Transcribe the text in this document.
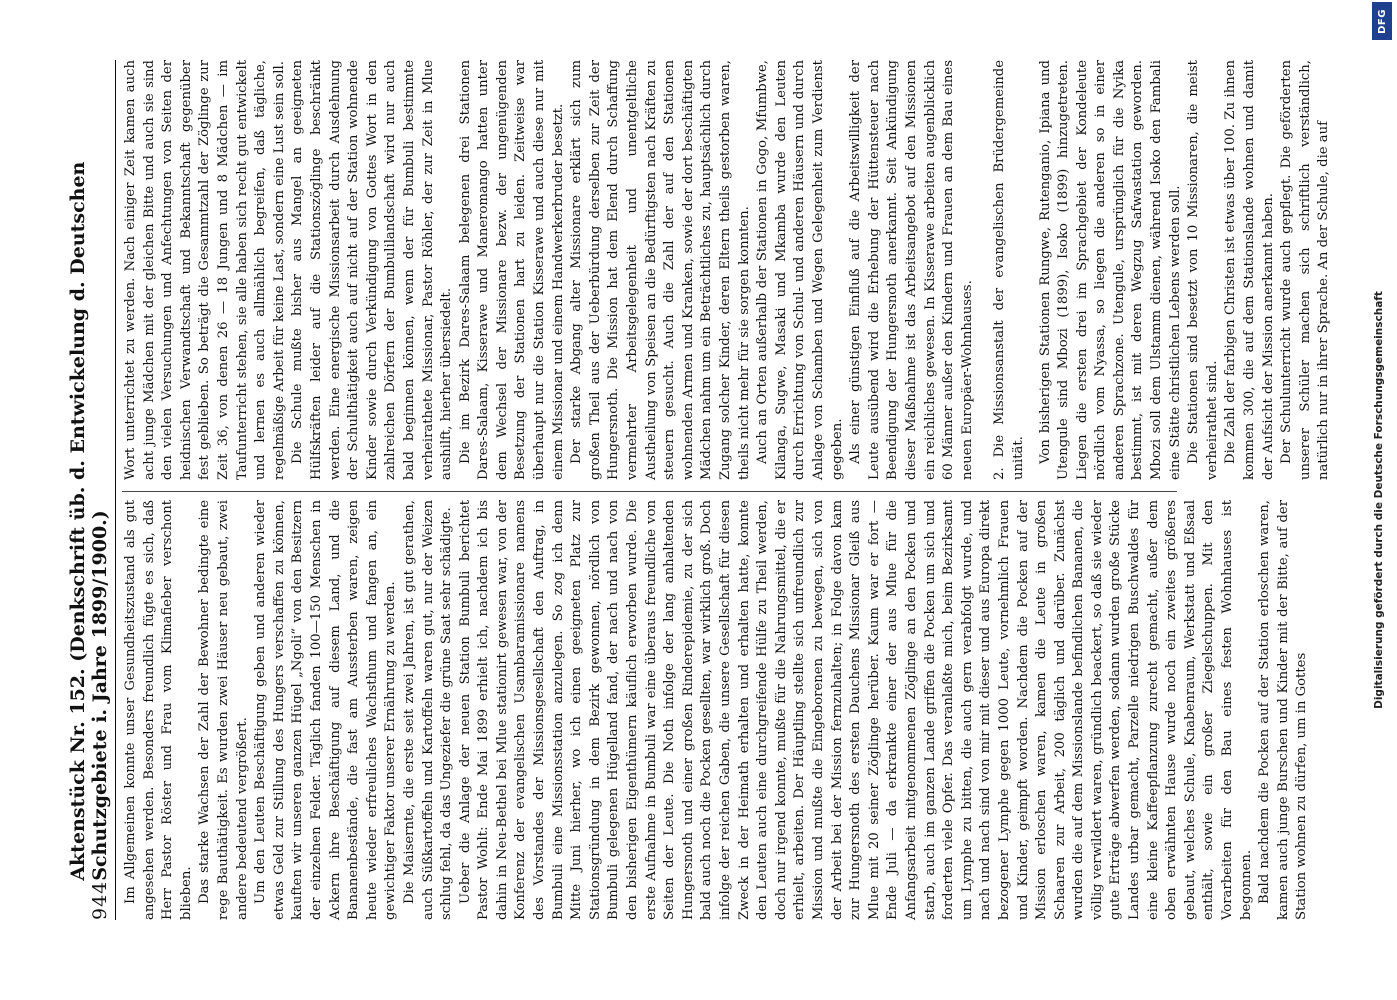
944
Aktenstück Nr. 152. (Denkschrift üb. d. Entwickelung d. Deutschen Schutzgebiete i. Jahre 1899/1900.) Im Allgemeinen konnte unser Gesundheitszustand als gut angesehen werden. Besonders freundlich fügte es sich, daß Herr Pastor Röster und Frau vom Klimafieber verschont blieben. Das starke Wachsen der Zahl der Bewohner bedingte eine rege Bauthätigkeit. Es wurden zwei Häuser neu gebaut, zwei andere bedeutend vergrößert. Um den Leuten Beschäftigung geben und anderen wieder etwas Geld zur Stillung des Hungers verschaffen zu können, kauften wir unseren ganzen Hügel „Ngoli“ von den Besitzern der einzelnen Felder. Täglich fanden 100—150 Menschen in Ackern ihre Beschäftigung auf diesem Land, und die Bananenbestände, die fast am Aussterben waren, zeigen heute wieder erfreuliches Wachsthum und fangen an, ein gewichtiger Faktor unserer Ernährung zu werden. Die Maisernte, die erste seit zwei Jahren, ist gut gerathen, auch Süßkartoffeln und Kartoffeln waren gut, nur der Weizen schlug fehl, da das Ungeziefer die grüne Saat sehr schädigte. Ueber die Anlage der neuen Station Bumbuli berichtet Pastor Wohlt: Ende Mai 1899 erhielt ich, nachdem ich bis dahin in Neu-Bethel bei Mlue stationirt gewesen war, von der Konferenz der evangelischen Usambaramissionare namens des Vorstandes der Missionsgesellschaft den Auftrag, in Bumbuli eine Missionsstation anzulegen. So zog ich denn Mitte Juni hierher, wo ich einen geeigneten Platz zur Stationsgründung in dem Bezirk gewonnen, nördlich von Bumbuli gelegenen Hügelland fand, der nach und nach von den bisherigen Eigenthümern käuflich erworben wurde. Die erste Aufnahme in Bumbuli war eine überaus freundliche von Seiten der Leute. Die Noth infolge der lang anhaltenden Hungersnoth und einer großen Rinderepidemie, zu der sich bald auch noch die Pocken gesellten, war wirklich groß. Doch infolge der reichen Gaben, die unsere Gesellschaft für diesen Zweck in der Heimath erhalten und erhalten hatte, konnte den Leuten auch eine durchgreifende Hülfe zu Theil werden, doch nur irgend konnte, mußte für die Nahrungsmittel, die er erhielt, arbeiten. Der Häuptling stellte sich unfreundlich zur Mission und mußte die Eingeborenen zu bewegen, sich von der Arbeit bei der Mission fernzuhalten; in Folge davon kam zur Hungersnoth des ersten Dauchens Missionar Gleiß aus Mlue mit 20 seiner Zöglinge herüber. Kaum war er fort — Ende Juli — da erkrankte einer der aus Mlue für die Anfangsarbeit mitgenommenen Zöglinge an den Pocken und starb, auch im ganzen Lande griffen die Pocken um sich und forderten viele Opfer. Das veranlaßte mich, beim Bezirksamt um Lymphe zu bitten, die auch gern verabfolgt wurde, und nach und nach sind von mir mit dieser und aus Europa direkt bezogener Lymphe gegen 1000 Leute, vornehmlich Frauen und Kinder, geimpft worden. Nachdem die Pocken auf der Mission erloschen waren, kamen die Leute in großen Schaaren zur Arbeit, 200 täglich und darüber. Zunächst wurden die auf dem Missionslande befindlichen Bananen, die völlig verwildert waren, gründlich beackert, so daß sie wieder gute Erträge abwerfen werden, sodann wurden große Stücke Landes urbar gemacht, Parzelle niedrigen Buschwaldes für eine kleine Kaffeepflanzung zurecht gemacht, außer dem oben erwähnten Hause wurde noch ein zweites größeres gebaut, welches Schule, Knabenraum, Werkstatt und Eßsaal enthält, sowie ein großer Ziegelschuppen. Mit den Vorarbeiten für den Bau eines festen Wohnhauses ist begonnen. Bald nachdem die Pocken auf der Station erloschen waren, kamen auch junge Burschen und Kinder mit der Bitte, auf der Station wohnen zu dürfen, um in Gottes

Wort unterrichtet zu werden. Nach einiger Zeit kamen auch acht junge Mädchen mit der gleichen Bitte und auch sie sind den vielen Versuchungen und Anfechtungen von Seiten der heidnischen Verwandtschaft und Bekanntschaft gegenüber fest geblieben. So beträgt die Gesammtzahl der Zöglinge zur Zeit 36, von denen 26 — 18 Jungen und 8 Mädchen — im Taufunterricht stehen, sie alle haben sich recht gut entwickelt und lernen es auch allmählich begreifen, daß tägliche, regelmäßige Arbeit für keine Last, sondern eine Lust sein soll. Die Schule mußte bisher aus Mangel an geeigneten Hülfskräften leider auf die Stationszöglinge beschränkt werden. Eine energische Missionsarbeit durch Ausdehnung der Schulthätigkeit auch auf nicht auf der Station wohnende Kinder sowie durch Verkündigung von Gottes Wort in den zahlreichen Dörfern der Bumbulilandschaft wird nur auch bald beginnen können, wenn der für Bumbuli bestimmte verheirathete Missionar, Pastor Röhler, der zur Zeit in Mlue aushilft, hierher übersiedelt. Die im Bezirk Dares-Salaam belegenen drei Stationen Dares-Salaam, Kisserawe und Maneromango hatten unter dem Wechsel der Missionare bezw. der ungenügenden Besetzung der Stationen hart zu leiden. Zeitweise war überhaupt nur die Station Kisserawe und auch diese nur mit einem Missionar und einem Handwerkerbruder besetzt. Der starke Abgang alter Missionare erklärt sich zum großen Theil aus der Ueberbürdung derselben zur Zeit der Hungersnoth. Die Mission hat dem Elend durch Schaffung vermehrter Arbeitsgelegenheit und unentgeltliche Austheilung von Speisen an die Bedürftigsten nach Kräften zu steuern gesucht. Auch die Zahl der auf den Stationen wohnenden Armen und Kranken, sowie der dort beschäftigten Mädchen nahm um ein Beträchtliches zu, hauptsächlich durch Zugang solcher Kinder, deren Eltern theils gestorben waren, theils nicht mehr für sie sorgen konnten. Auch an Orten außerhalb der Stationen in Gogo, Mfumbwe, Kilanga, Sugwe, Masaki und Mkamba wurde den Leuten durch Errichtung von Schul- und anderen Häusern und durch Anlage von Schamben und Wegen Gelegenheit zum Verdienst gegeben. Als einer günstigen Einfluß auf die Arbeitswilligkeit der Leute ausübend wird die Erhebung der Hüttensteuer nach Beendigung der Hungersnoth anerkannt. Seit Ankündigung dieser Maßnahme ist das Arbeitsangebot auf den Missionen ein reichliches gewesen. In Kisserawe arbeiten augenblicklich 60 Männer außer den Kindern und Frauen an dem Bau eines neuen Europäer-Wohnhauses. 2. Die Missionsanstalt der evangelischen Brüdergemeinde unität. Von bisherigen Stationen Rungwe, Rutenganio, Ipiana und Utengule sind Mbozi (1899), Isoko (1899) hinzugetreten. Liegen die ersten drei im Sprachgebiet der Kondeleute nördlich vom Nyassa, so liegen die anderen so in einer anderen Sprachzone. Utengule, ursprünglich für die Nyika bestimmt, ist mit deren Wegzug Safwastation geworden. Mbozi soll dem Ulstamm dienen, während Isoko den Fambali eine Stätte christlichen Lebens werden soll. Die Stationen sind besetzt von 10 Missionaren, die meist verheirathet sind. Die Zahl der farbigen Christen ist etwas über 100. Zu ihnen kommen 300, die auf dem Stationslande wohnen und damit der Aufsicht der Mission anerkannt haben. Der Schulunterricht wurde auch gepflegt. Die geförderten unserer Schüler machen sich schriftlich verständlich, natürlich nur in ihrer Sprache. An der Schule, die auf	Digitalisierung gefördert durch die Deutsche Forschungsgemeinschaft
DFG
